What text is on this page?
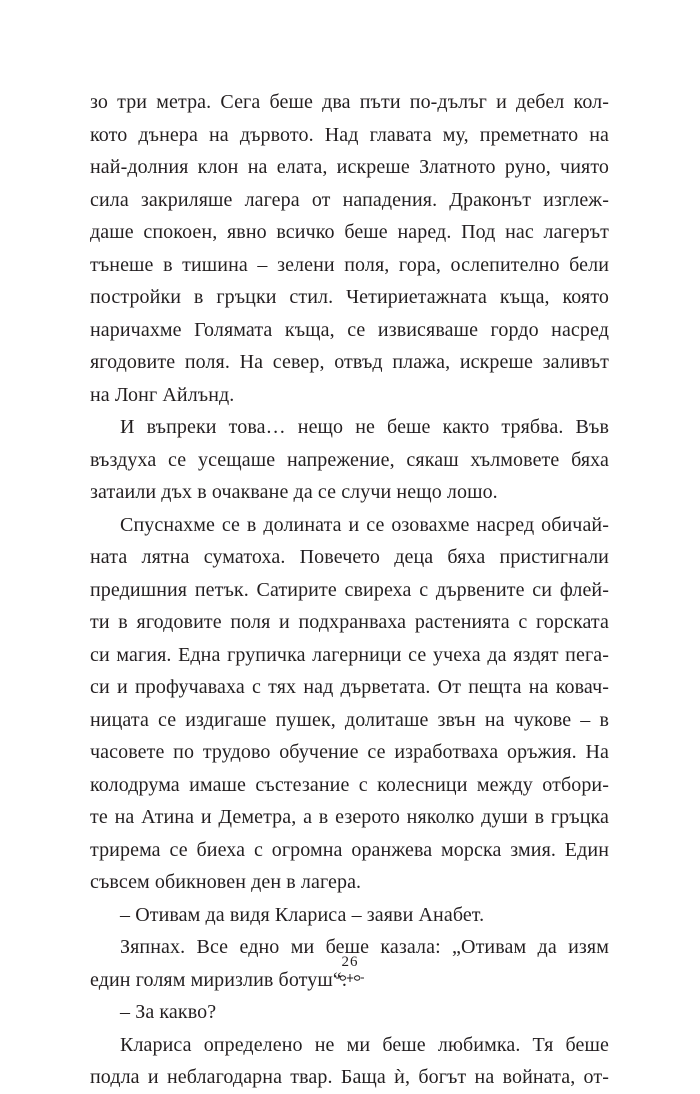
зо три метра. Сега беше два пъти по-дълъг и дебел кол-
кото дънера на дървото. Над главата му, преметнато на
най-долния клон на елата, искреше Златното руно, чиято
сила закриляше лагера от нападения. Драконът изглеж-
даше спокоен, явно всичко беше наред. Под нас лагерът
тънеше в тишина – зелени поля, гора, ослепително бели
постройки в гръцки стил. Четириетажната къща, която
наричахме Голямата къща, се извисяваше гордо насред
ягодовите поля. На север, отвъд плажа, искреше заливът
на Лонг Айлънд.
И въпреки това… нещо не беше както трябва. Във
въздуха се усещаше напрежение, сякаш хълмовете бяха
затаили дъх в очакване да се случи нещо лошо.
Спуснахме се в долината и се озовахме насред обичай-
ната лятна суматоха. Повечето деца бяха пристигнали
предишния петък. Сатирите свиреха с дървените си флей-
ти в ягодовите поля и подхранваха растенията с горската
си магия. Една групичка лагерници се учеха да яздят пега-
си и профучаваха с тях над дърветата. От пещта на ковач-
ницата се издигаше пушек, долиташе звън на чукове – в
часовете по трудово обучение се изработваха оръжия. На
колодрума имаше състезание с колесници между отбори-
те на Атина и Деметра, а в езерото няколко души в гръцка
трирема се биеха с огромна оранжева морска змия. Един
съвсем обикновен ден в лагера.
– Отивам да видя Клариса – заяви Анабет.
Зяпнах. Все едно ми беше казала: „Отивам да изям
един голям миризлив ботуш“.
– За какво?
Клариса определено не ми беше любимка. Тя беше
подла и неблагодарна твар. Баща ѝ, богът на войната, от-
26
